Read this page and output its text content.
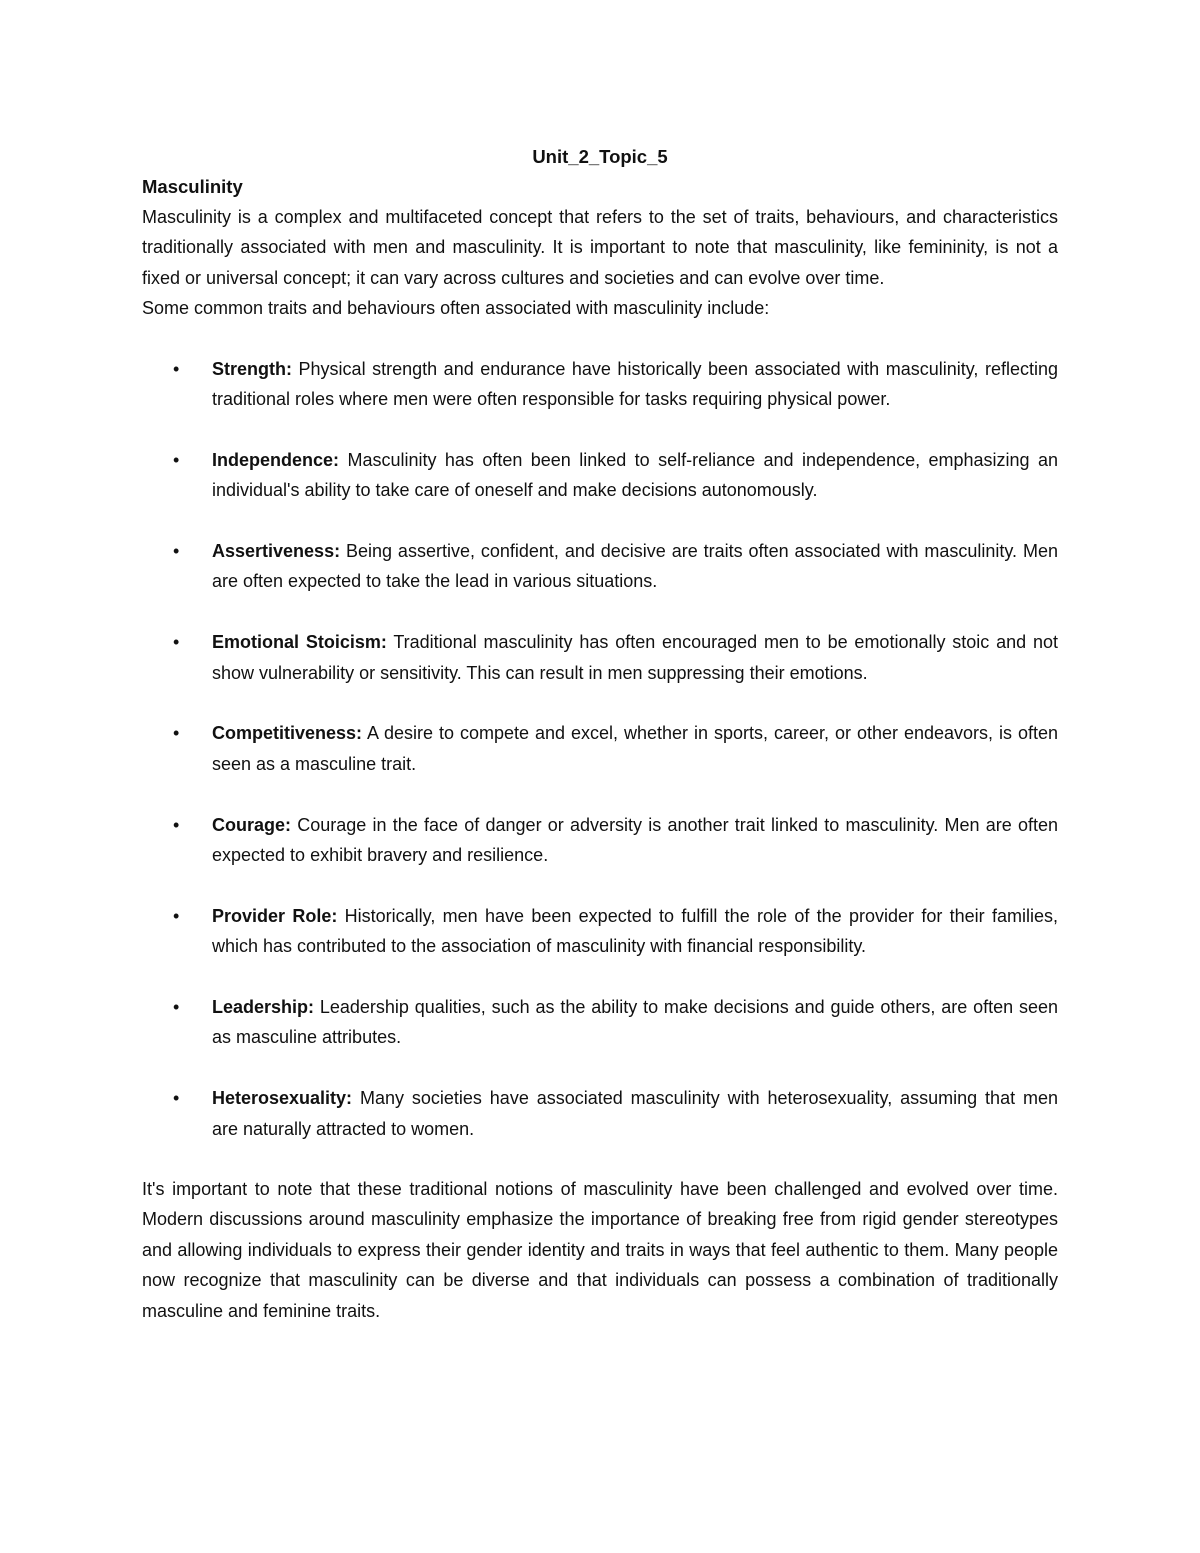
Unit_2_Topic_5
Masculinity

Masculinity is a complex and multifaceted concept that refers to the set of traits, behaviours, and characteristics traditionally associated with men and masculinity. It is important to note that masculinity, like femininity, is not a fixed or universal concept; it can vary across cultures and societies and can evolve over time.

Some common traits and behaviours often associated with masculinity include:

• Strength: Physical strength and endurance have historically been associated with masculinity, reflecting traditional roles where men were often responsible for tasks requiring physical power.
• Independence: Masculinity has often been linked to self-reliance and independence, emphasizing an individual's ability to take care of oneself and make decisions autonomously.
• Assertiveness: Being assertive, confident, and decisive are traits often associated with masculinity. Men are often expected to take the lead in various situations.
• Emotional Stoicism: Traditional masculinity has often encouraged men to be emotionally stoic and not show vulnerability or sensitivity. This can result in men suppressing their emotions.
• Competitiveness: A desire to compete and excel, whether in sports, career, or other endeavors, is often seen as a masculine trait.
• Courage: Courage in the face of danger or adversity is another trait linked to masculinity. Men are often expected to exhibit bravery and resilience.
• Provider Role: Historically, men have been expected to fulfill the role of the provider for their families, which has contributed to the association of masculinity with financial responsibility.
• Leadership: Leadership qualities, such as the ability to make decisions and guide others, are often seen as masculine attributes.
• Heterosexuality: Many societies have associated masculinity with heterosexuality, assuming that men are naturally attracted to women.

It's important to note that these traditional notions of masculinity have been challenged and evolved over time. Modern discussions around masculinity emphasize the importance of breaking free from rigid gender stereotypes and allowing individuals to express their gender identity and traits in ways that feel authentic to them. Many people now recognize that masculinity can be diverse and that individuals can possess a combination of traditionally masculine and feminine traits.
